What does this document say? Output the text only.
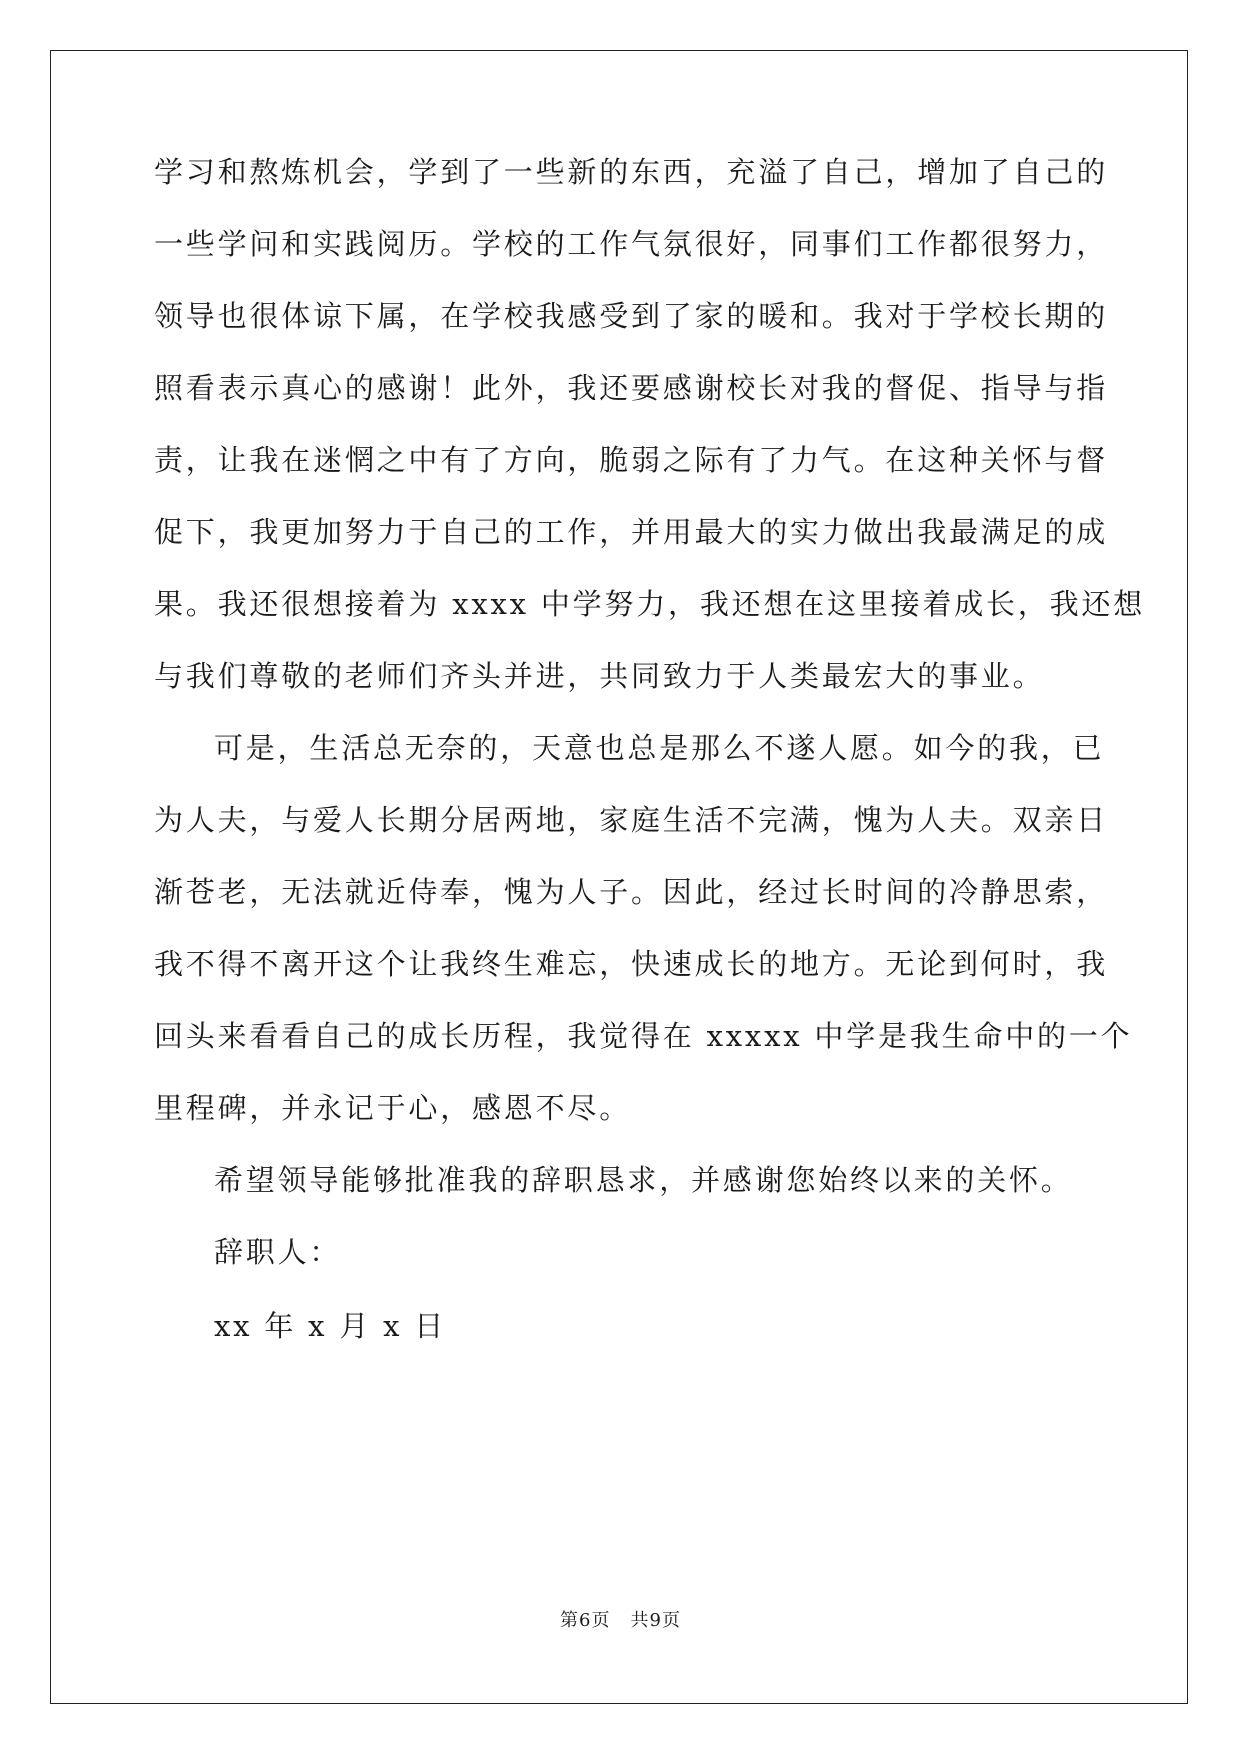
学习和熬炼机会，学到了一些新的东西，充溢了自己，增加了自己的
一些学问和实践阅历。学校的工作气氛很好，同事们工作都很努力，
领导也很体谅下属，在学校我感受到了家的暖和。我对于学校长期的
照看表示真心的感谢！此外，我还要感谢校长对我的督促、指导与指
责，让我在迷惘之中有了方向，脆弱之际有了力气。在这种关怀与督
促下，我更加努力于自己的工作，并用最大的实力做出我最满足的成
果。我还很想接着为 xxxx 中学努力，我还想在这里接着成长，我还想
与我们尊敬的老师们齐头并进，共同致力于人类最宏大的事业。
可是，生活总无奈的，天意也总是那么不遂人愿。如今的我，已
为人夫，与爱人长期分居两地，家庭生活不完满，愧为人夫。双亲日
渐苍老，无法就近侍奉，愧为人子。因此，经过长时间的冷静思索，
我不得不离开这个让我终生难忘，快速成长的地方。无论到何时，我
回头来看看自己的成长历程，我觉得在 xxxxx 中学是我生命中的一个
里程碑，并永记于心，感恩不尽。
希望领导能够批准我的辞职恳求，并感谢您始终以来的关怀。
辞职人：
xx 年 x 月 x 日
第6页 共9页
